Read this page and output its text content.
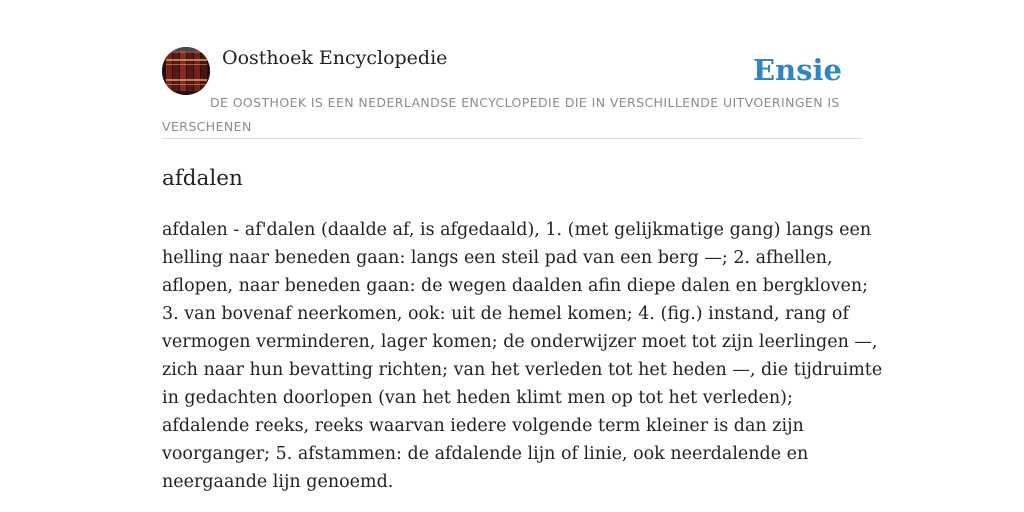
Oosthoek Encyclopedie	Ensie
DE OOSTHOEK IS EEN NEDERLANDSE ENCYCLOPEDIE DIE IN VERSCHILLENDE UITVOERINGEN IS VERSCHENEN
afdalen

afdalen - af'dalen (daalde af, is afgedaald), 1. (met gelijkmatige gang) langs een
helling naar beneden gaan: langs een steil pad van een berg —; 2. afhellen,
aflopen, naar beneden gaan: de wegen daalden afin diepe dalen en bergkloven;
3. van bovenaf neerkomen, ook: uit de hemel komen; 4. (fig.) instand, rang of
vermogen verminderen, lager komen; de onderwijzer moet tot zijn leerlingen —,
zich naar hun bevatting richten; van het verleden tot het heden —, die tijdruimte
in gedachten doorlopen (van het heden klimt men op tot het verleden);
afdalende reeks, reeks waarvan iedere volgende term kleiner is dan zijn
voorganger; 5. afstammen: de afdalende lijn of linie, ook neerdalende en
neergaande lijn genoemd.
